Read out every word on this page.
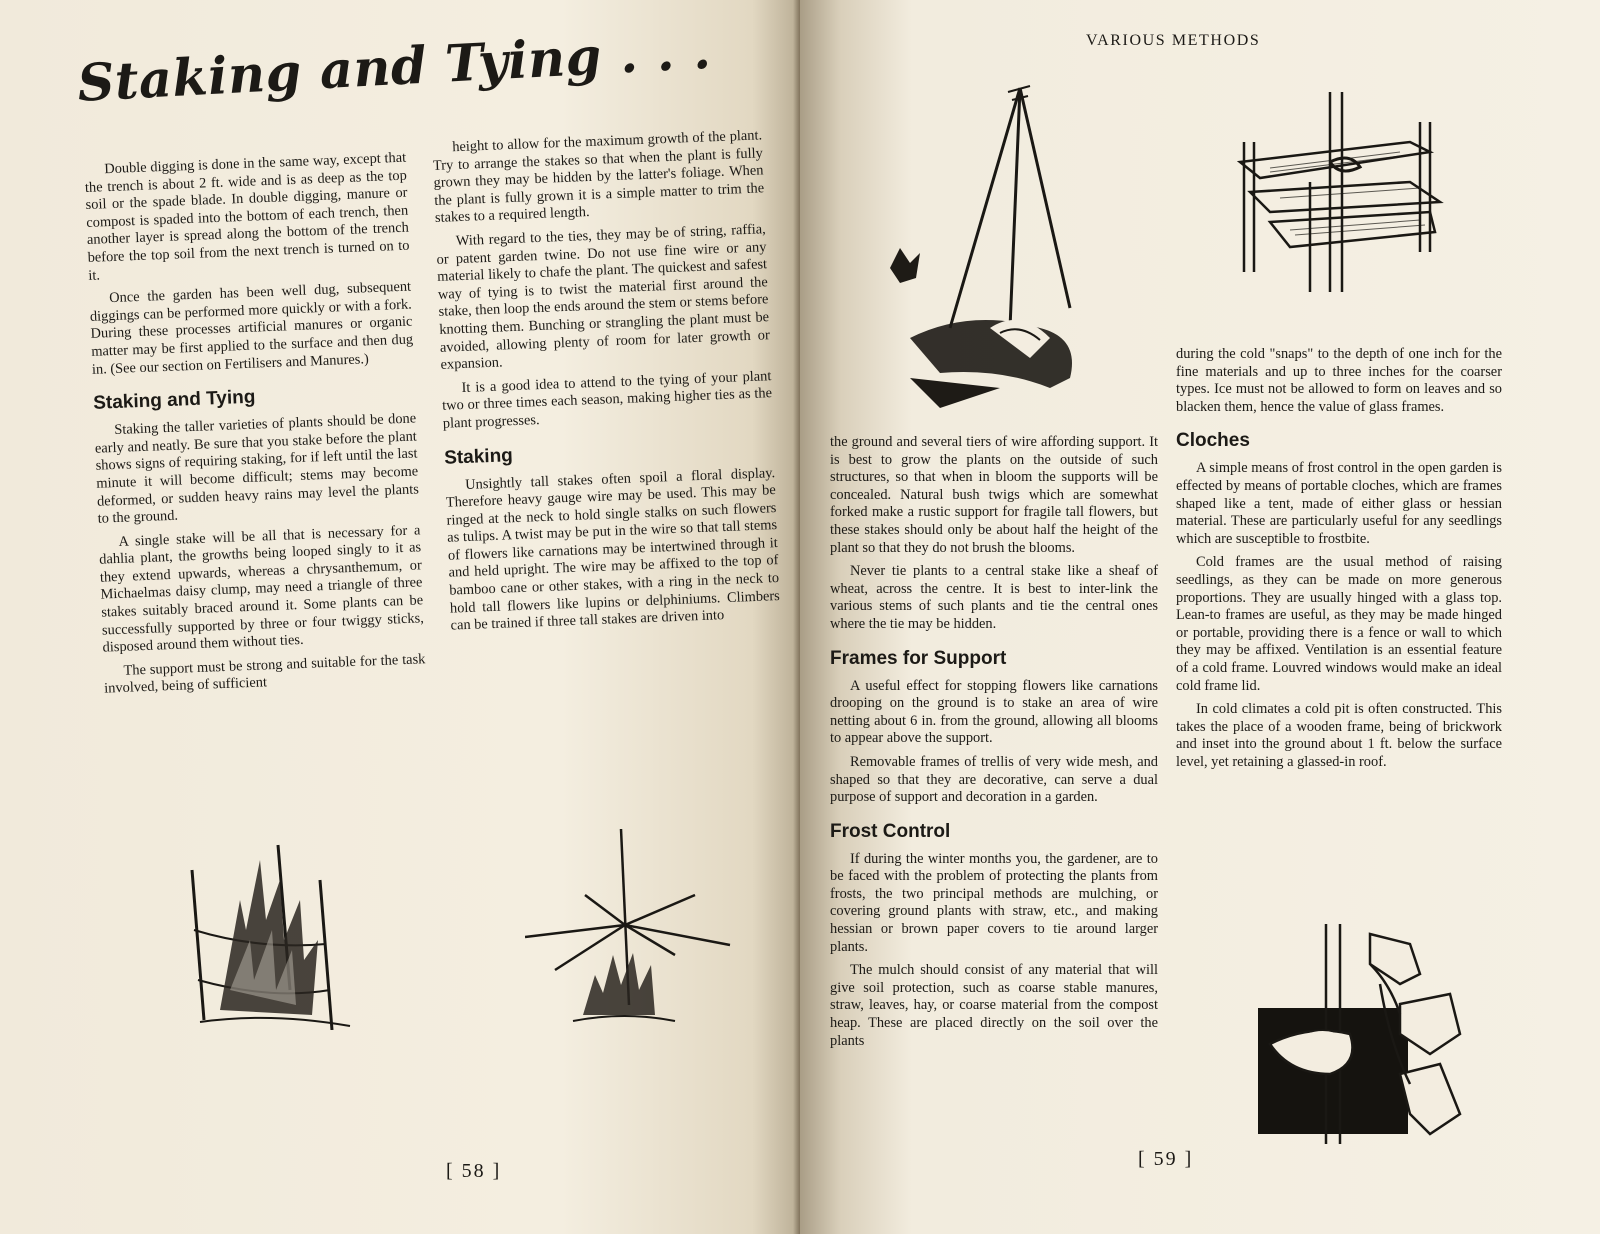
Staking and Tying . . .

Double digging is done in the same way, except that the trench is about 2 ft. wide and is as deep as the top soil or the spade blade. In double digging, manure or compost is spaded into the bottom of each trench, then another layer is spread along the bottom of the trench before the top soil from the next trench is turned on to it.

Once the garden has been well dug, subsequent diggings can be performed more quickly or with a fork. During these processes artificial manures or organic matter may be first applied to the surface and then dug in. (See our section on Fertilisers and Manures.)

Staking and Tying

Staking the taller varieties of plants should be done early and neatly. Be sure that you stake before the plant shows signs of requiring staking, for if left until the last minute it will become difficult; stems may become deformed, or sudden heavy rains may level the plants to the ground.

A single stake will be all that is necessary for a dahlia plant, the growths being looped singly to it as they extend upwards, whereas a chrysanthemum, or Michaelmas daisy clump, may need a triangle of three stakes suitably braced around it. Some plants can be successfully supported by three or four twiggy sticks, disposed around them without ties.

The support must be strong and suitable for the task involved, being of sufficient

height to allow for the maximum growth of the plant. Try to arrange the stakes so that when the plant is fully grown they may be hidden by the latter's foliage. When the plant is fully grown it is a simple matter to trim the stakes to a required length.

With regard to the ties, they may be of string, raffia, or patent garden twine. Do not use fine wire or any material likely to chafe the plant. The quickest and safest way of tying is to twist the material first around the stake, then loop the ends around the stem or stems before knotting them. Bunching or strangling the plant must be avoided, allowing plenty of room for later growth or expansion.

It is a good idea to attend to the tying of your plant two or three times each season, making higher ties as the plant progresses.

Staking

Unsightly tall stakes often spoil a floral display. Therefore heavy gauge wire may be used. This may be ringed at the neck to hold single stalks on such flowers as tulips. A twist may be put in the wire so that tall stems of flowers like carnations may be intertwined through it and held upright. The wire may be affixed to the top of bamboo cane or other stakes, with a ring in the neck to hold tall flowers like lupins or delphiniums. Climbers can be trained if three tall stakes are driven into

[ 58 ]
VARIOUS METHODS

the ground and several tiers of wire affording support. It is best to grow the plants on the outside of such structures, so that when in bloom the supports will be concealed. Natural bush twigs which are somewhat forked make a rustic support for fragile tall flowers, but these stakes should only be about half the height of the plant so that they do not brush the blooms.

Never tie plants to a central stake like a sheaf of wheat, across the centre. It is best to inter-link the various stems of such plants and tie the central ones where the tie may be hidden.

Frames for Support

A useful effect for stopping flowers like carnations drooping on the ground is to stake an area of wire netting about 6 in. from the ground, allowing all blooms to appear above the support.

Removable frames of trellis of very wide mesh, and shaped so that they are decorative, can serve a dual purpose of support and decoration in a garden.

Frost Control

If during the winter months you, the gardener, are to be faced with the problem of protecting the plants from frosts, the two principal methods are mulching, or covering ground plants with straw, etc., and making hessian or brown paper covers to tie around larger plants.

The mulch should consist of any material that will give soil protection, such as coarse stable manures, straw, leaves, hay, or coarse material from the compost heap. These are placed directly on the soil over the plants

during the cold "snaps" to the depth of one inch for the fine materials and up to three inches for the coarser types. Ice must not be allowed to form on leaves and so blacken them, hence the value of glass frames.

Cloches

A simple means of frost control in the open garden is effected by means of portable cloches, which are frames shaped like a tent, made of either glass or hessian material. These are particularly useful for any seedlings which are susceptible to frostbite.

Cold frames are the usual method of raising seedlings, as they can be made on more generous proportions. They are usually hinged with a glass top. Lean-to frames are useful, as they may be made hinged or portable, providing there is a fence or wall to which they may be affixed. Ventilation is an essential feature of a cold frame. Louvred windows would make an ideal cold frame lid.

In cold climates a cold pit is often constructed. This takes the place of a wooden frame, being of brickwork and inset into the ground about 1 ft. below the surface level, yet retaining a glassed-in roof.

[ 59 ]
